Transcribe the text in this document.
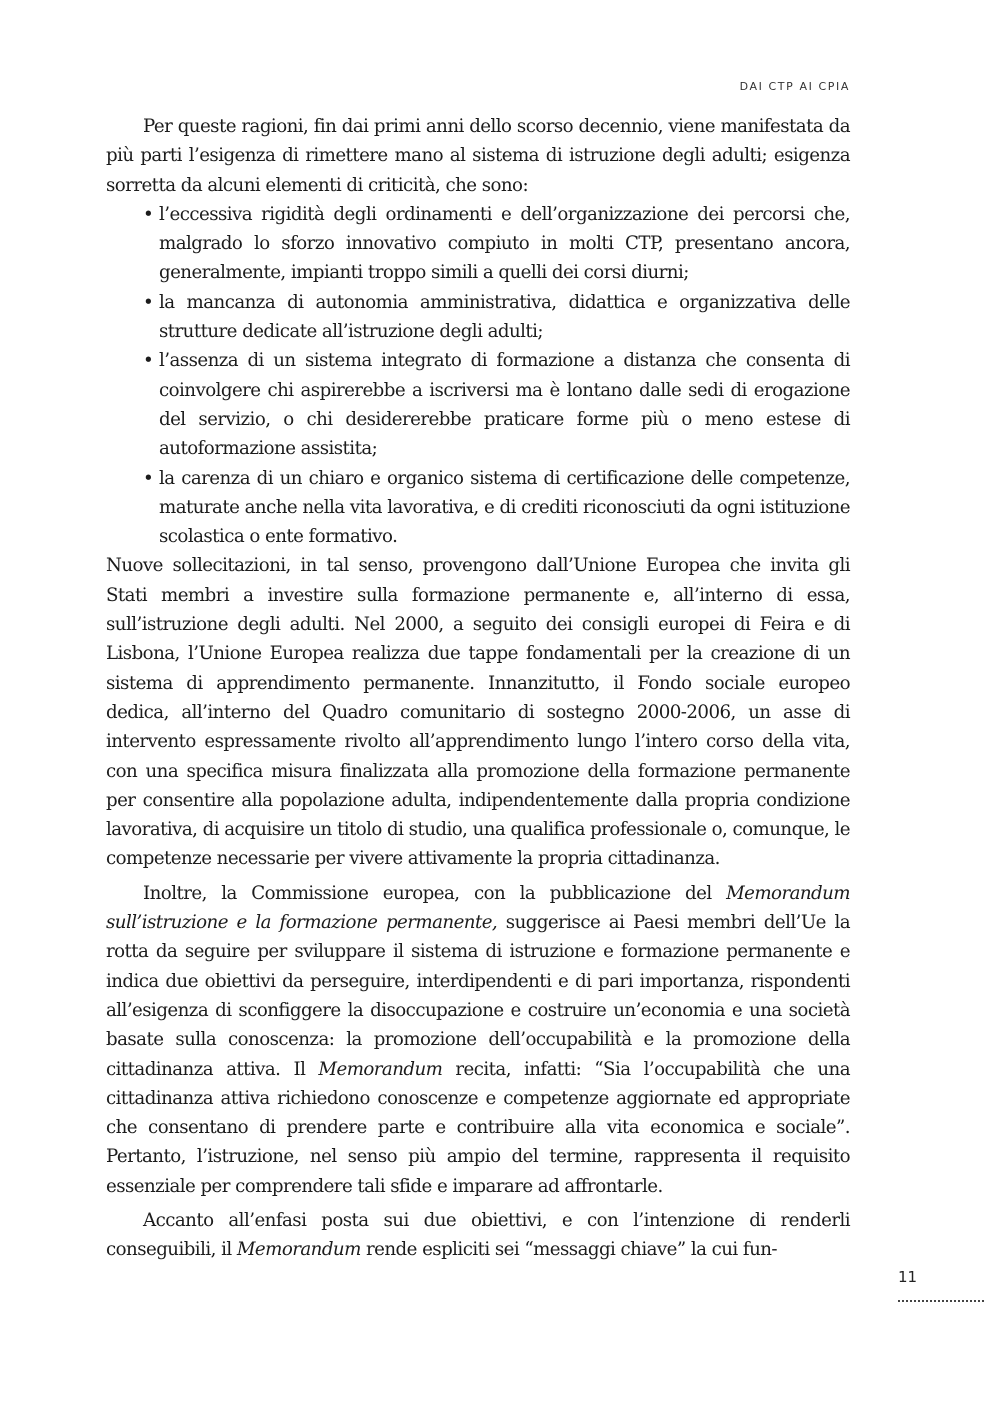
DAI CTP AI CPIA

Per queste ragioni, fin dai primi anni dello scorso decennio, viene manifestata da più parti l’esigenza di rimettere mano al sistema di istruzione degli adulti; esigenza sorretta da alcuni elementi di criticità, che sono:

• l’eccessiva rigidità degli ordinamenti e dell’organizzazione dei percorsi che, malgrado lo sforzo innovativo compiuto in molti CTP, presentano ancora, generalmente, impianti troppo simili a quelli dei corsi diurni;
• la mancanza di autonomia amministrativa, didattica e organizzativa delle strutture dedicate all’istruzione degli adulti;
• l’assenza di un sistema integrato di formazione a distanza che consenta di coinvolgere chi aspirerebbe a iscriversi ma è lontano dalle sedi di erogazione del servizio, o chi desidererebbe praticare forme più o meno estese di autoformazione assistita;
• la carenza di un chiaro e organico sistema di certificazione delle competenze, maturate anche nella vita lavorativa, e di crediti riconosciuti da ogni istituzione scolastica o ente formativo.

Nuove sollecitazioni, in tal senso, provengono dall’Unione Europea che invita gli Stati membri a investire sulla formazione permanente e, all’interno di essa, sull’istruzione degli adulti. Nel 2000, a seguito dei consigli europei di Feira e di Lisbona, l’Unione Europea realizza due tappe fondamentali per la creazione di un sistema di apprendimento permanente. Innanzitutto, il Fondo sociale europeo dedica, all’interno del Quadro comunitario di sostegno 2000-2006, un asse di intervento espressamente rivolto all’apprendimento lungo l’intero corso della vita, con una specifica misura finalizzata alla promozione della formazione permanente per consentire alla popolazione adulta, indipendentemente dalla propria condizione lavorativa, di acquisire un titolo di studio, una qualifica professionale o, comunque, le competenze necessarie per vivere attivamente la propria cittadinanza.

Inoltre, la Commissione europea, con la pubblicazione del Memorandum sull’istruzione e la formazione permanente, suggerisce ai Paesi membri dell’Ue la rotta da seguire per sviluppare il sistema di istruzione e formazione permanente e indica due obiettivi da perseguire, interdipendenti e di pari importanza, rispondenti all’esigenza di sconfiggere la disoccupazione e costruire un’economia e una società basate sulla conoscenza: la promozione dell’occupabilità e la promozione della cittadinanza attiva. Il Memorandum recita, infatti: “Sia l’occupabilità che una cittadinanza attiva richiedono conoscenze e competenze aggiornate ed appropriate che consentano di prendere parte e contribuire alla vita economica e sociale”. Pertanto, l’istruzione, nel senso più ampio del termine, rappresenta il requisito essenziale per comprendere tali sfide e imparare ad affrontarle.

Accanto all’enfasi posta sui due obiettivi, e con l’intenzione di renderli conseguibili, il Memorandum rende espliciti sei “messaggi chiave” la cui fun-

11
